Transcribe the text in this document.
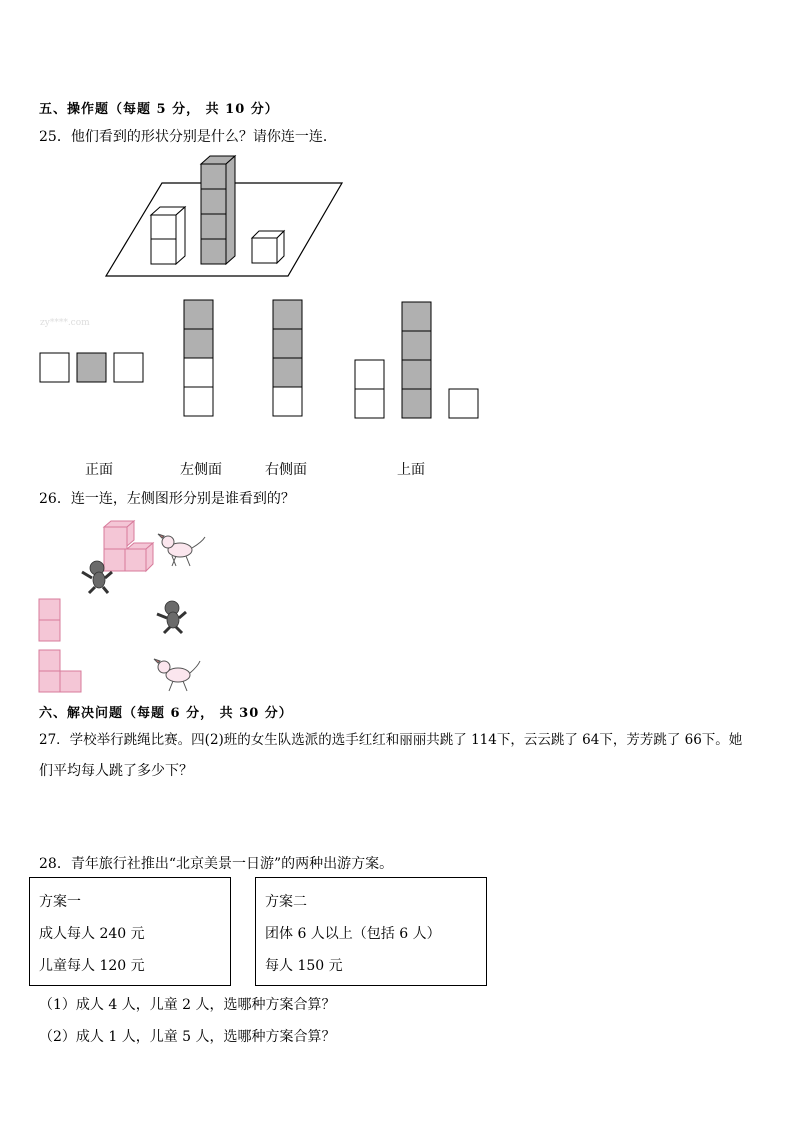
五、操作题（每题 5 分， 共 10 分）
25．他们看到的形状分别是什么？请你连一连．
zy****.com
正面	左侧面	右侧面	上面
26．连一连，左侧图形分别是谁看到的？
六、解决问题（每题 6 分， 共 30 分）
27．学校举行跳绳比赛。四(2)班的女生队选派的选手红红和丽丽共跳了 114下，云云跳了 64下，芳芳跳了 66下。她
们平均每人跳了多少下？
28．青年旅行社推出“北京美景一日游”的两种出游方案。
方案一
成人每人 240 元
儿童每人 120 元
方案二
团体 6 人以上（包括 6 人）
每人 150 元
（1）成人 4 人，儿童 2 人，选哪种方案合算？
（2）成人 1 人，儿童 5 人，选哪种方案合算？
